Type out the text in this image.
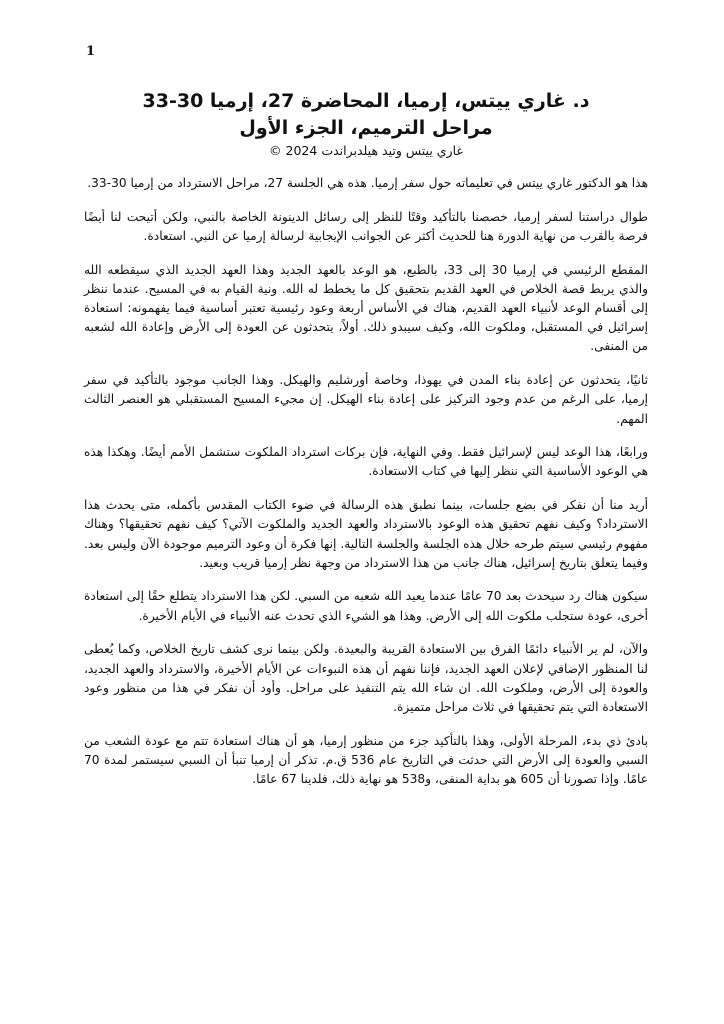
1

د. غاري ييتس، إرميا، المحاضرة 27، إرميا 30-33

مراحل الترميم، الجزء الأول

غاري ييتس وتيد هيلدبراندت 2024 ©

هذا هو الدكتور غاري ييتس في تعليماته حول سفر إرميا. هذه هي الجلسة 27، مراحل الاسترداد من إرميا 30-33.

طوال دراستنا لسفر إرميا، خصصنا بالتأكيد وقتًا للنظر إلى رسائل الدينونة الخاصة بالنبي، ولكن أتيحت لنا أيضًا فرصة بالقرب من نهاية الدورة هنا للحديث أكثر عن الجوانب الإيجابية لرسالة إرميا عن النبي. استعادة.

المقطع الرئيسي في إرميا 30 إلى 33، بالطبع، هو الوعد بالعهد الجديد وهذا العهد الجديد الذي سيقطعه الله والذي يربط قصة الخلاص في العهد القديم بتحقيق كل ما يخطط له الله. ونية القيام به في المسيح. عندما ننظر إلى أقسام الوعد لأنبياء العهد القديم، هناك في الأساس أربعة وعود رئيسية تعتبر أساسية فيما يفهمونه: استعادة إسرائيل في المستقبل، وملكوت الله، وكيف سيبدو ذلك. أولاً، يتحدثون عن العودة إلى الأرض وإعادة الله لشعبه من المنفى.

ثانيًا، يتحدثون عن إعادة بناء المدن في يهوذا، وخاصة أورشليم والهيكل. وهذا الجانب موجود بالتأكيد في سفر إرميا، على الرغم من عدم وجود التركيز على إعادة بناء الهيكل. إن مجيء المسيح المستقبلي هو العنصر الثالث المهم.

ورابعًا، هذا الوعد ليس لإسرائيل فقط. وفي النهاية، فإن بركات استرداد الملكوت ستشمل الأمم أيضًا. وهكذا هذه هي الوعود الأساسية التي ننظر إليها في كتاب الاستعادة.

أريد منا أن نفكر في بضع جلسات، بينما نطبق هذه الرسالة في ضوء الكتاب المقدس بأكمله، متى يحدث هذا الاسترداد؟ وكيف نفهم تحقيق هذه الوعود بالاسترداد والعهد الجديد والملكوت الآتي؟ كيف نفهم تحقيقها؟ وهناك مفهوم رئيسي سيتم طرحه خلال هذه الجلسة والجلسة التالية. إنها فكرة أن وعود الترميم موجودة الآن وليس بعد. وفيما يتعلق بتاريخ إسرائيل، هناك جانب من هذا الاسترداد من وجهة نظر إرميا قريب وبعيد.

سيكون هناك رد سيحدث بعد 70 عامًا عندما يعيد الله شعبه من السبي. لكن هذا الاسترداد يتطلع حقًا إلى استعادة أخرى، عودة ستجلب ملكوت الله إلى الأرض. وهذا هو الشيء الذي تحدث عنه الأنبياء في الأيام الأخيرة.

والآن، لم ير الأنبياء دائمًا الفرق بين الاستعادة القريبة والبعيدة. ولكن بينما نرى كشف تاريخ الخلاص، وكما يُعطى لنا المنظور الإضافي لإعلان العهد الجديد، فإننا نفهم أن هذه النبوءات عن الأيام الأخيرة، والاسترداد والعهد الجديد، والعودة إلى الأرض، وملكوت الله. ان شاء الله يتم التنفيذ على مراحل. وأود أن نفكر في هذا من منظور وعود الاستعادة التي يتم تحقيقها في ثلاث مراحل متميزة.

بادئ ذي بدء، المرحلة الأولى، وهذا بالتأكيد جزء من منظور إرميا، هو أن هناك استعادة تتم مع عودة الشعب من السبي والعودة إلى الأرض التي حدثت في التاريخ عام 536 ق.م. تذكر أن إرميا تنبأ أن السبي سيستمر لمدة 70 عامًا. وإذا تصورنا أن 605 هو بداية المنفى، و538 هو نهاية ذلك، فلدينا 67 عامًا.
